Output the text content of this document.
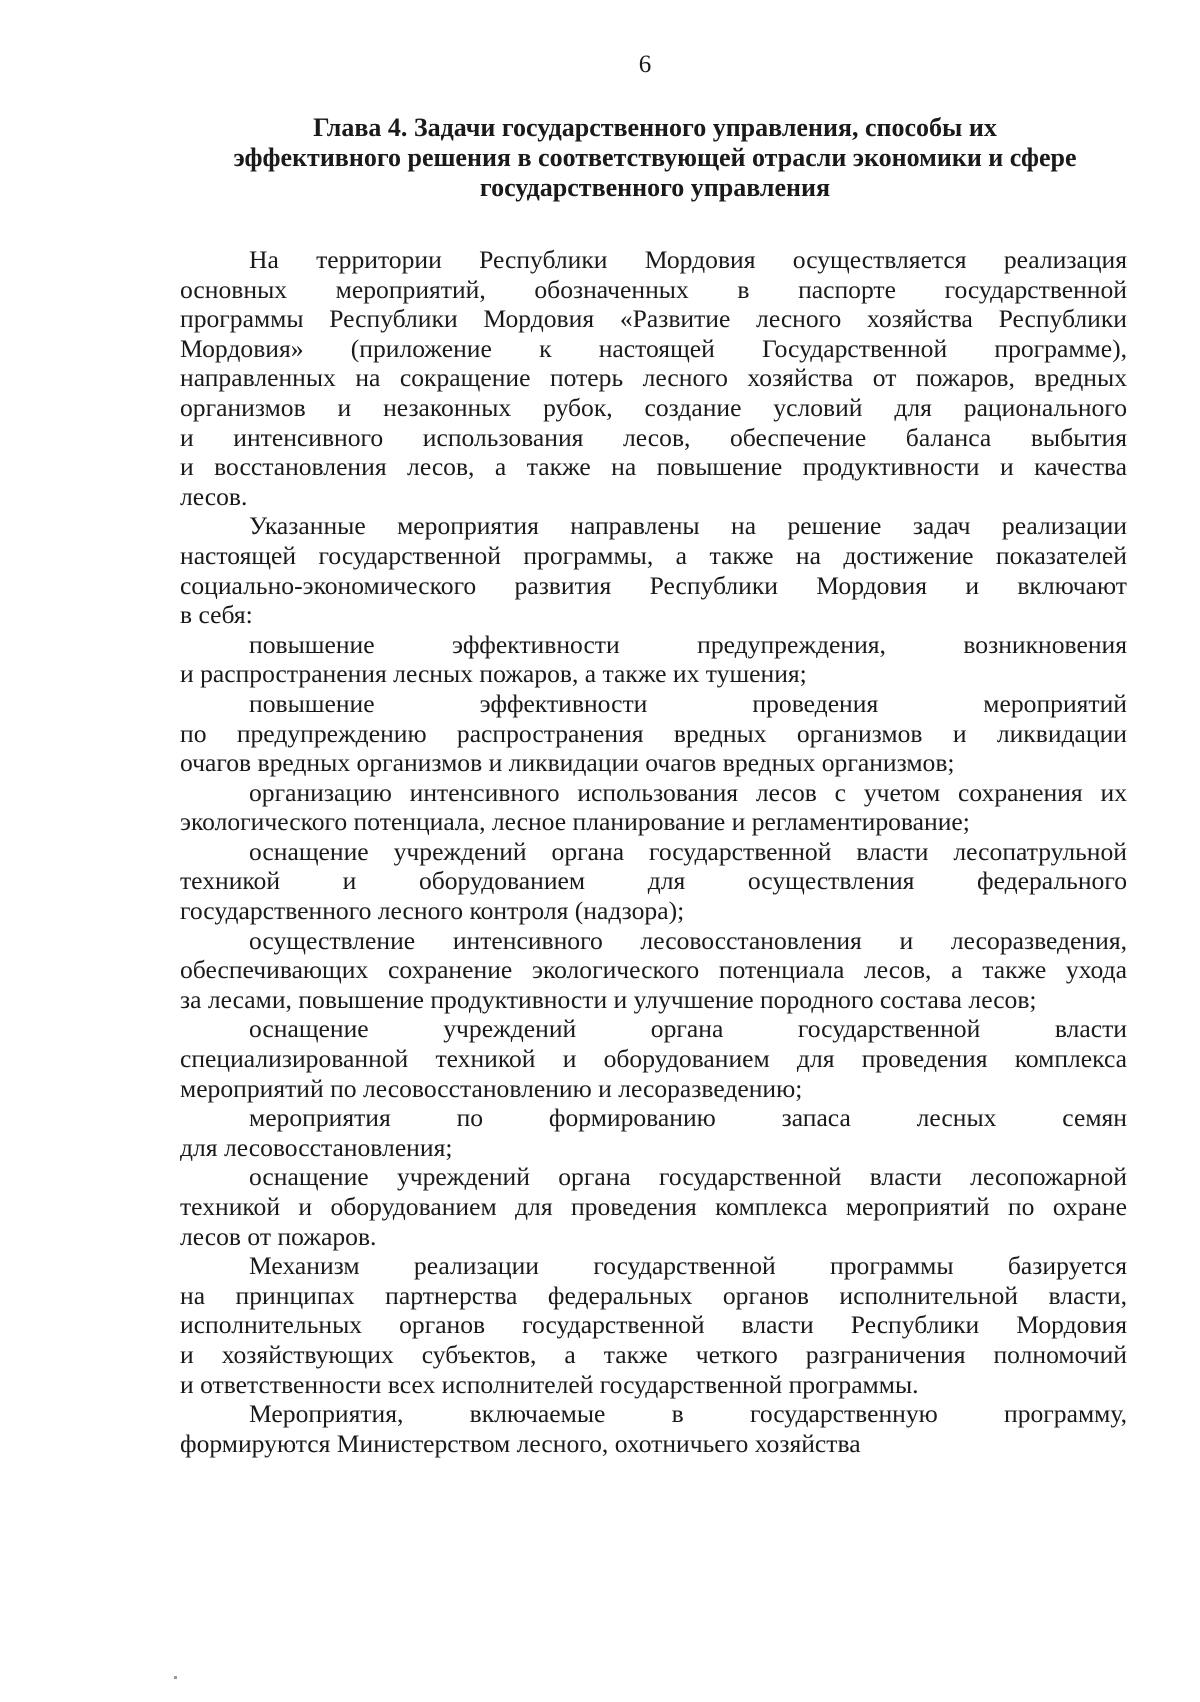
6
Глава 4. Задачи государственного управления, способы их
эффективного решения в соответствующей отрасли экономики и сфере
государственного управления
На территории Республики Мордовия осуществляется реализация
основных мероприятий, обозначенных в паспорте государственной
программы Республики Мордовия «Развитие лесного хозяйства Республики
Мордовия» (приложение к настоящей Государственной программе),
направленных на сокращение потерь лесного хозяйства от пожаров, вредных
организмов и незаконных рубок, создание условий для рационального
и интенсивного использования лесов, обеспечение баланса выбытия
и восстановления лесов, а также на повышение продуктивности и качества
лесов.
Указанные мероприятия направлены на решение задач реализации
настоящей государственной программы, а также на достижение показателей
социально-экономического развития Республики Мордовия и включают
в себя:
повышение эффективности предупреждения, возникновения
и распространения лесных пожаров, а также их тушения;
повышение эффективности проведения мероприятий
по предупреждению распространения вредных организмов и ликвидации
очагов вредных организмов и ликвидации очагов вредных организмов;
организацию интенсивного использования лесов с учетом сохранения их
экологического потенциала, лесное планирование и регламентирование;
оснащение учреждений органа государственной власти лесопатрульной
техникой и оборудованием для осуществления федерального
государственного лесного контроля (надзора);
осуществление интенсивного лесовосстановления и лесоразведения,
обеспечивающих сохранение экологического потенциала лесов, а также ухода
за лесами, повышение продуктивности и улучшение породного состава лесов;
оснащение учреждений органа государственной власти
специализированной техникой и оборудованием для проведения комплекса
мероприятий по лесовосстановлению и лесоразведению;
мероприятия по формированию запаса лесных семян
для лесовосстановления;
оснащение учреждений органа государственной власти лесопожарной
техникой и оборудованием для проведения комплекса мероприятий по охране
лесов от пожаров.
Механизм реализации государственной программы базируется
на принципах партнерства федеральных органов исполнительной власти,
исполнительных органов государственной власти Республики Мордовия
и хозяйствующих субъектов, а также четкого разграничения полномочий
и ответственности всех исполнителей государственной программы.
Мероприятия, включаемые в государственную программу,
формируются Министерством лесного, охотничьего хозяйства
